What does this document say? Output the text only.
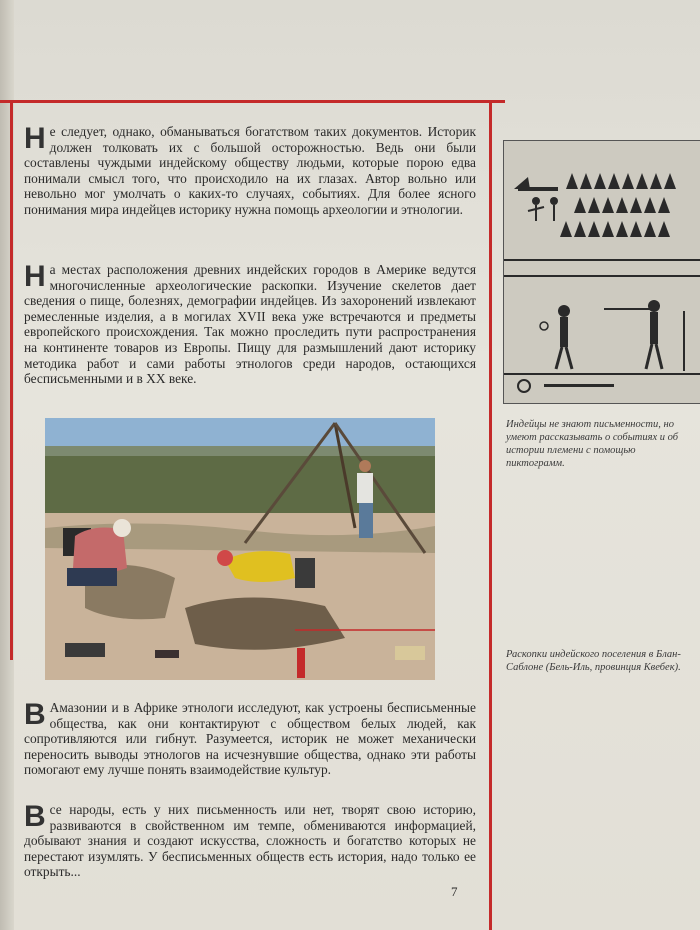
Н е следует, однако, обманываться богатством таких документов. Историк должен толковать их с большой осторожностью. Ведь они были составлены чуждыми индейскому обществу людьми, которые порою едва понимали смысл того, что происходило на их глазах. Автор вольно или невольно мог умолчать о каких-то случаях, событиях. Для более ясного понимания мира индейцев историку нужна помощь археологии и этнологии.
Н а местах расположения древних индейских городов в Америке ведутся многочисленные археологические раскопки. Изучение скелетов дает сведения о пище, болезнях, демографии индейцев. Из захоронений извлекают ремесленные изделия, а в могилах XVII века уже встречаются и предметы европейского происхождения. Так можно проследить пути распространения на континенте товаров из Европы. Пищу для размышлений дают историку методика работ и сами работы этнологов среди народов, остающихся бесписьменными и в XX веке.
Индейцы не знают письменности, но умеют рассказывать о событиях и об истории племени с помощью пиктограмм.
Раскопки индейского поселения в Блан-Саблоне (Бель-Иль, провинция Квебек).
В Амазонии и в Африке этнологи исследуют, как устроены бесписьменные общества, как они контактируют с обществом белых людей, как сопротивляются или гибнут. Разумеется, историк не может механически переносить выводы этнологов на исчезнувшие общества, однако эти работы помогают ему лучше понять взаимодействие культур.
В се народы, есть у них письменность или нет, творят свою историю, развиваются в свойственном им темпе, обмениваются информацией, добывают знания и создают искусства, сложность и богатство которых не перестают изумлять. У бесписьменных обществ есть история, надо только ее открыть...
7
